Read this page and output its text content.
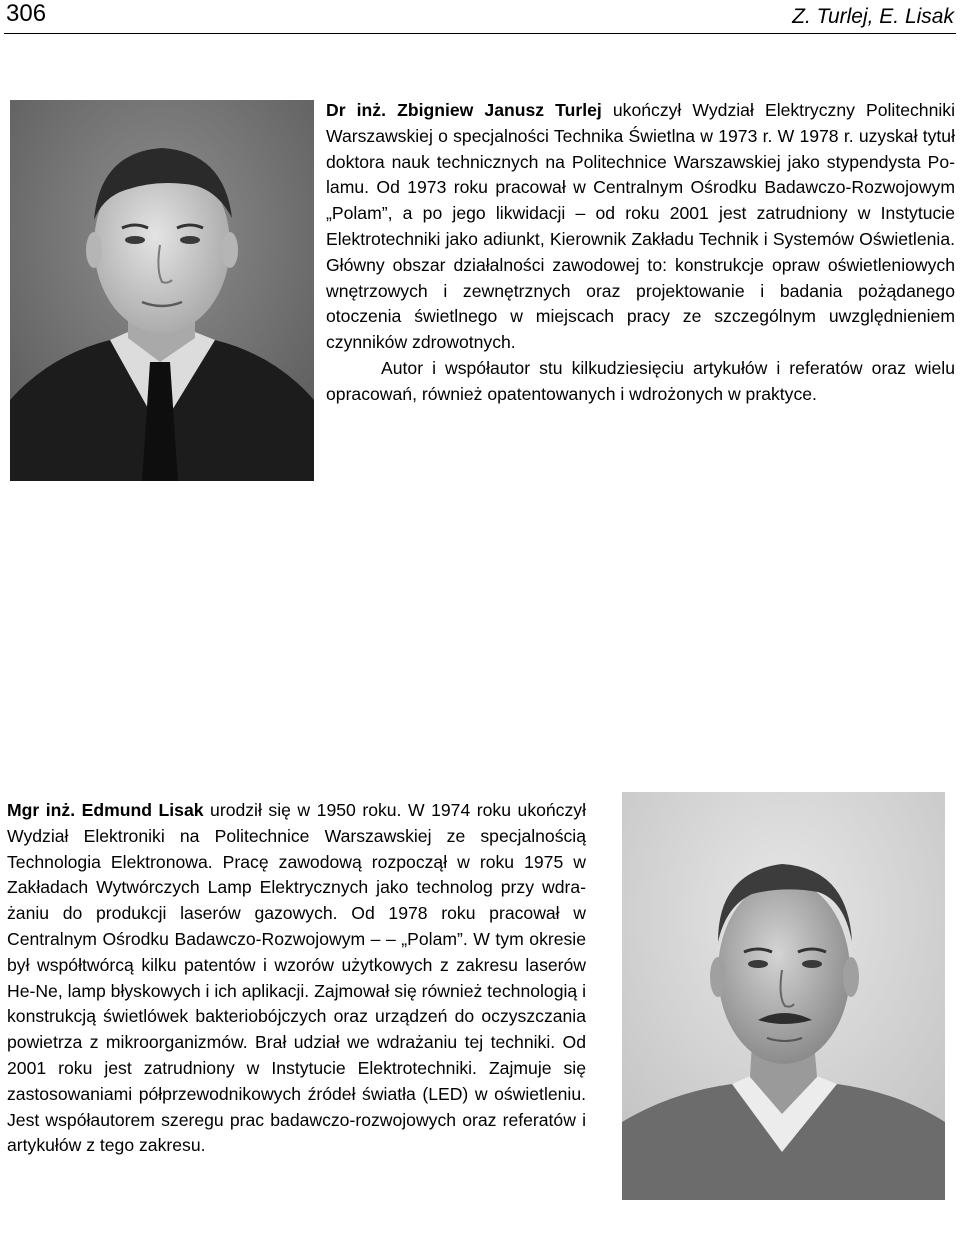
306	Z. Turlej, E. Lisak

Dr inż. Zbigniew Janusz Turlej ukończył Wydział Elektryczny Politechniki Warszawskiej o specjalności Technika Świetlna w 1973 r. W 1978 r. uzyskał tytuł doktora nauk technicznych na Politechnice Warszawskiej jako stypendysta Polamu. Od 1973 roku pracował w Centralnym Ośrodku Badawczo-Rozwojowym „Polam”, a po jego likwidacji – od roku 2001 jest zatrudniony w Instytucie Elektrotechniki jako adiunkt, Kierownik Zakładu Technik i Systemów Oświetlenia. Główny obszar działalności zawodowej to: konstrukcje opraw oświetleniowych wnętrzowych i zewnętrznych oraz projektowanie i badania pożądanego otoczenia świetlnego w miejscach pracy ze szczególnym uwzględnieniem czynników zdrowotnych.

Autor i współautor stu kilkudziesięciu artykułów i referatów oraz wielu opracowań, również opatentowanych i wdrożonych w praktyce.

Mgr inż. Edmund Lisak urodził się w 1950 roku. W 1974 roku ukończył Wydział Elektroniki na Politechnice Warszawskiej ze specjalnością Technologia Elektronowa. Pracę zawodową rozpoczął w roku 1975 w Zakładach Wytwórczych Lamp Elektrycznych jako technolog przy wdrażaniu do produkcji laserów gazowych. Od 1978 roku pracował w Centralnym Ośrodku Badawczo-Rozwojowym – – „Polam”. W tym okresie był współtwórcą kilku patentów i wzorów użytkowych z zakresu laserów He-Ne, lamp błyskowych i ich aplikacji. Zajmował się również technologią i konstrukcją świetlówek bakteriobójczych oraz urządzeń do oczyszczania powietrza z mikroorganizmów. Brał udział we wdrażaniu tej techniki. Od 2001 roku jest zatrudniony w Instytucie Elektrotechniki. Zajmuje się zastosowaniami półprzewodnikowych źródeł światła (LED) w oświetleniu. Jest współautorem szeregu prac badawczo-rozwojowych oraz referatów i artykułów z tego zakresu.
